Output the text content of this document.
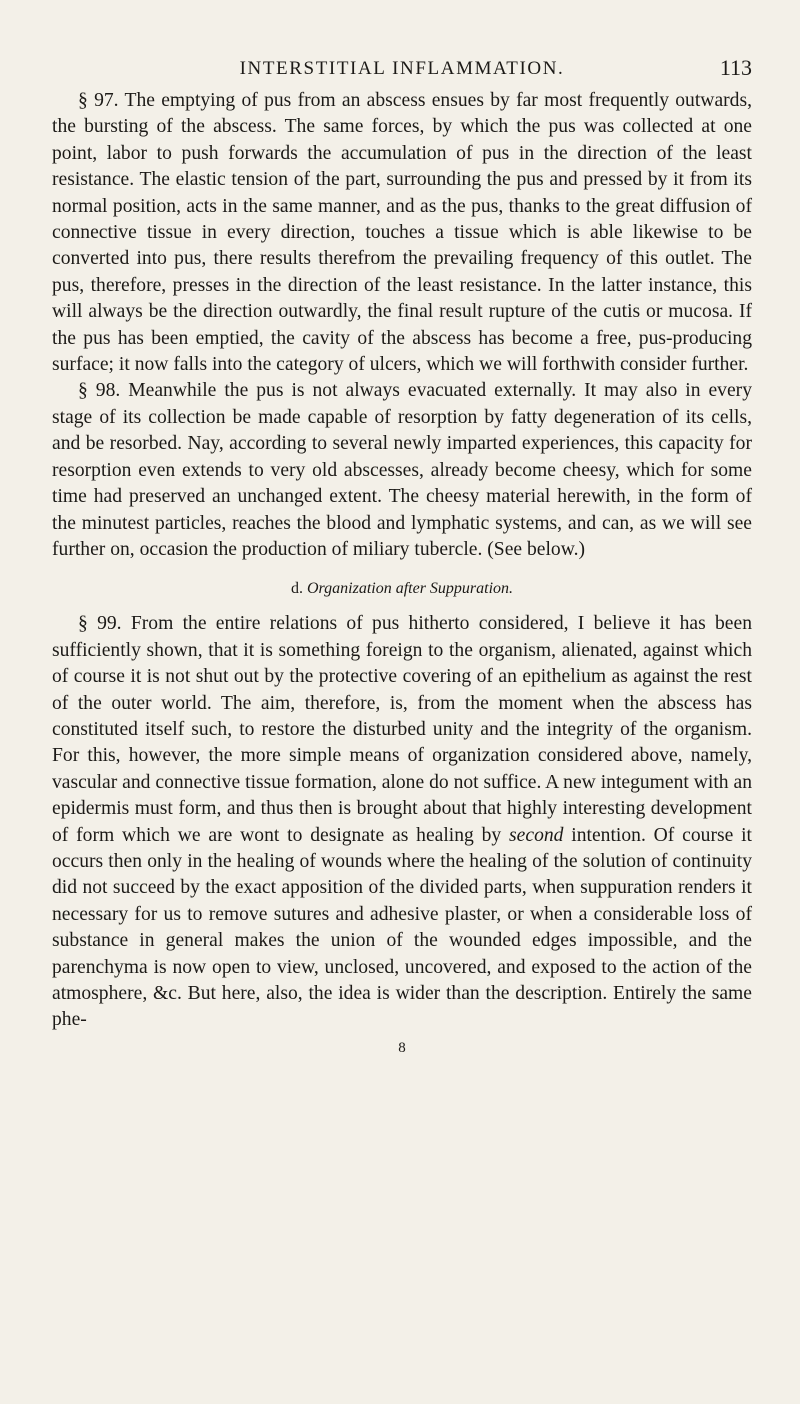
INTERSTITIAL INFLAMMATION.	113

§ 97. The emptying of pus from an abscess ensues by far most frequently outwards, the bursting of the abscess. The same forces, by which the pus was collected at one point, labor to push forwards the accumulation of pus in the direction of the least resistance. The elastic tension of the part, surrounding the pus and pressed by it from its normal position, acts in the same manner, and as the pus, thanks to the great diffusion of connective tissue in every direction, touches a tissue which is able likewise to be converted into pus, there results therefrom the prevailing frequency of this outlet. The pus, therefore, presses in the direction of the least resistance. In the latter instance, this will always be the direction outwardly, the final result rupture of the cutis or mucosa. If the pus has been emptied, the cavity of the abscess has become a free, pus-producing surface; it now falls into the category of ulcers, which we will forthwith consider further.

§ 98. Meanwhile the pus is not always evacuated externally. It may also in every stage of its collection be made capable of resorption by fatty degeneration of its cells, and be resorbed. Nay, according to several newly imparted experiences, this capacity for resorption even extends to very old abscesses, already become cheesy, which for some time had preserved an unchanged extent. The cheesy material herewith, in the form of the minutest particles, reaches the blood and lymphatic systems, and can, as we will see further on, occasion the production of miliary tubercle. (See below.)

d. Organization after Suppuration.

§ 99. From the entire relations of pus hitherto considered, I believe it has been sufficiently shown, that it is something foreign to the organism, alienated, against which of course it is not shut out by the protective covering of an epithelium as against the rest of the outer world. The aim, therefore, is, from the moment when the abscess has constituted itself such, to restore the disturbed unity and the integrity of the organism. For this, however, the more simple means of organization considered above, namely, vascular and connective tissue formation, alone do not suffice. A new integument with an epidermis must form, and thus then is brought about that highly interesting development of form which we are wont to designate as healing by second intention. Of course it occurs then only in the healing of wounds where the healing of the solution of continuity did not succeed by the exact apposition of the divided parts, when suppuration renders it necessary for us to remove sutures and adhesive plaster, or when a considerable loss of substance in general makes the union of the wounded edges impossible, and the parenchyma is now open to view, unclosed, uncovered, and exposed to the action of the atmosphere, &c. But here, also, the idea is wider than the description. Entirely the same phe-

8
